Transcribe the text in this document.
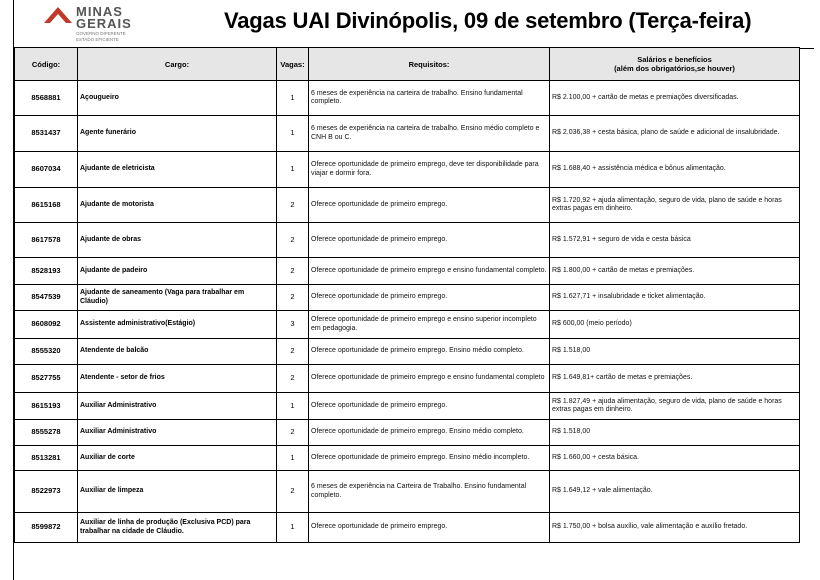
MINAS
GERAIS
GOVERNO DIFERENTE
ESTADO EFICIENTE
Vagas UAI Divinópolis, 09 de setembro (Terça-feira)
Código:	Cargo:	Vagas:	Requisitos:	Salários e benefícios
(além dos obrigatórios,se houver)

8568881	Açougueiro	1	6 meses de experiência na carteira de trabalho. Ensino fundamental completo.	R$ 2.100,00 + cartão de metas e premiações diversificadas.
8531437	Agente funerário	1	6 meses de experiência na carteira de trabalho. Ensino médio completo e CNH B ou C.	R$ 2.036,38 + cesta básica, plano de saúde e adicional de insalubridade.
8607034	Ajudante de eletricista	1	Oferece oportunidade de primeiro emprego, deve ter disponibilidade para viajar e dormir fora.	R$ 1.688,40 + assistência médica e bônus alimentação.
8615168	Ajudante de motorista	2	Oferece oportunidade de primeiro emprego.	R$ 1.720,92 + ajuda alimentação, seguro de vida, plano de saúde e horas extras pagas em dinheiro.
8617578	Ajudante de obras	2	Oferece oportunidade de primeiro emprego.	R$ 1.572,91 + seguro de vida e cesta básica
8528193	Ajudante de padeiro	2	Oferece oportunidade de primeiro emprego e ensino fundamental completo.	R$ 1.800,00 + cartão de metas e premiações.
8547539	Ajudante de saneamento (Vaga para trabalhar em Cláudio)	2	Oferece oportunidade de primeiro emprego.	R$ 1.627,71 + insalubridade e ticket alimentação.
8608092	Assistente administrativo(Estágio)	3	Oferece oportunidade de primeiro emprego e ensino superior incompleto em pedagogia.	R$ 600,00 (meio período)
8555320	Atendente de balcão	2	Oferece oportunidade de primeiro emprego. Ensino médio completo.	R$ 1.518,00
8527755	Atendente - setor de frios	2	Oferece oportunidade de primeiro emprego e ensino fundamental completo	R$ 1.649,81+ cartão de metas e premiações.
8615193	Auxiliar Administrativo	1	Oferece oportunidade de primeiro emprego.	R$ 1.827,49 + ajuda alimentação, seguro de vida, plano de saúde e horas extras pagas em dinheiro.
8555278	Auxiliar Administrativo	2	Oferece oportunidade de primeiro emprego. Ensino médio completo.	R$ 1.518,00
8513281	Auxiliar de corte	1	Oferece oportunidade de primeiro emprego. Ensino médio incompleto.	R$ 1.660,00 + cesta básica.
8522973	Auxiliar de limpeza	2	6 meses de experiência na Carteira de Trabalho. Ensino fundamental completo.	R$ 1.649,12 + vale alimentação.
8599872	Auxiliar de linha de produção (Exclusiva PCD) para trabalhar na cidade de Cláudio.	1	Oferece oportunidade de primeiro emprego.	R$ 1.750,00 + bolsa auxílio, vale alimentação e auxílio fretado.
